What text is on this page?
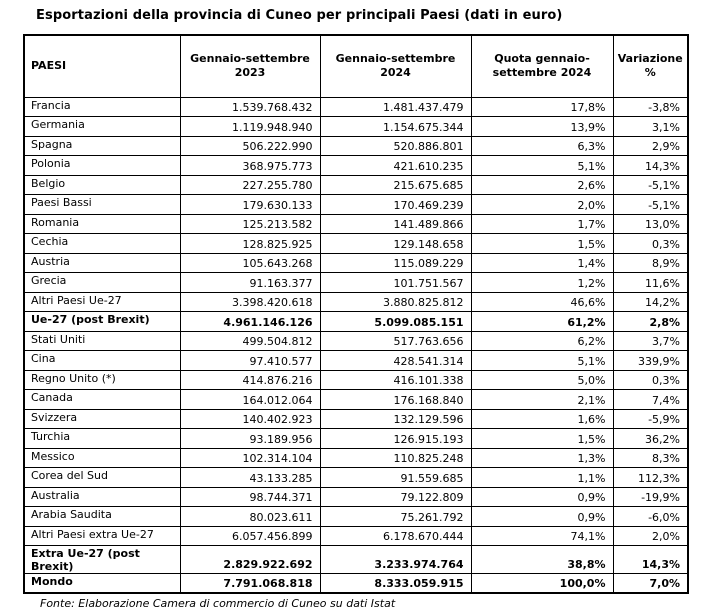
Esportazioni della provincia di Cuneo per principali Paesi (dati in euro)
PAESI	Gennaio-settembre 2023	Gennaio-settembre 2024	Quota gennaio-settembre 2024	Variazione %
Francia	1.539.768.432	1.481.437.479	17,8%	-3,8%
Germania	1.119.948.940	1.154.675.344	13,9%	3,1%
Spagna	506.222.990	520.886.801	6,3%	2,9%
Polonia	368.975.773	421.610.235	5,1%	14,3%
Belgio	227.255.780	215.675.685	2,6%	-5,1%
Paesi Bassi	179.630.133	170.469.239	2,0%	-5,1%
Romania	125.213.582	141.489.866	1,7%	13,0%
Cechia	128.825.925	129.148.658	1,5%	0,3%
Austria	105.643.268	115.089.229	1,4%	8,9%
Grecia	91.163.377	101.751.567	1,2%	11,6%
Altri Paesi Ue-27	3.398.420.618	3.880.825.812	46,6%	14,2%
Ue-27 (post Brexit)	4.961.146.126	5.099.085.151	61,2%	2,8%
Stati Uniti	499.504.812	517.763.656	6,2%	3,7%
Cina	97.410.577	428.541.314	5,1%	339,9%
Regno Unito (*)	414.876.216	416.101.338	5,0%	0,3%
Canada	164.012.064	176.168.840	2,1%	7,4%
Svizzera	140.402.923	132.129.596	1,6%	-5,9%
Turchia	93.189.956	126.915.193	1,5%	36,2%
Messico	102.314.104	110.825.248	1,3%	8,3%
Corea del Sud	43.133.285	91.559.685	1,1%	112,3%
Australia	98.744.371	79.122.809	0,9%	-19,9%
Arabia Saudita	80.023.611	75.261.792	0,9%	-6,0%
Altri Paesi extra Ue-27	6.057.456.899	6.178.670.444	74,1%	2,0%
Extra Ue-27 (post Brexit)	2.829.922.692	3.233.974.764	38,8%	14,3%
Mondo	7.791.068.818	8.333.059.915	100,0%	7,0%
Fonte: Elaborazione Camera di commercio di Cuneo su dati Istat
